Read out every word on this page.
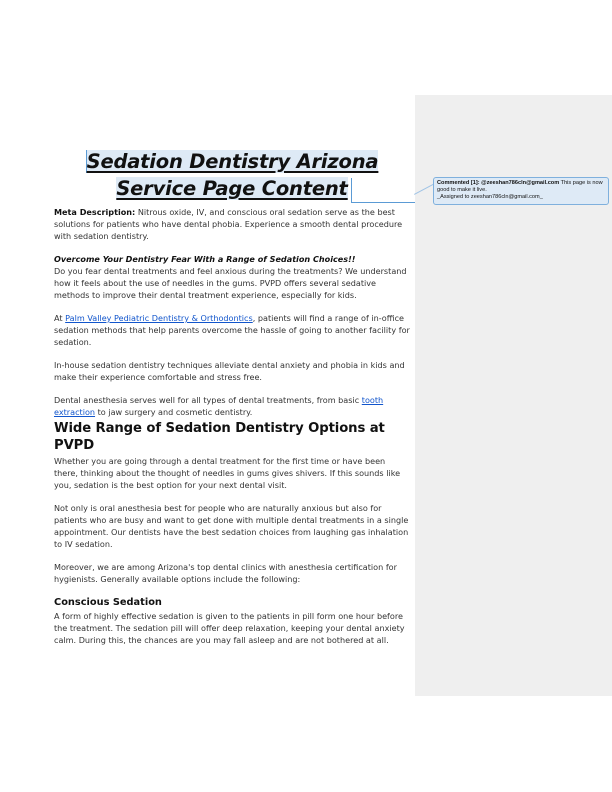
Sedation Dentistry Arizona
Service Page Content

Meta Description: Nitrous oxide, IV, and conscious oral sedation serve as the best solutions for patients who have dental phobia. Experience a smooth dental procedure with sedation dentistry.

Overcome Your Dentistry Fear With a Range of Sedation Choices!!

Do you fear dental treatments and feel anxious during the treatments? We understand how it feels about the use of needles in the gums. PVPD offers several sedative methods to improve their dental treatment experience, especially for kids.

At Palm Valley Pediatric Dentistry & Orthodontics, patients will find a range of in-office sedation methods that help parents overcome the hassle of going to another facility for sedation.

In-house sedation dentistry techniques alleviate dental anxiety and phobia in kids and make their experience comfortable and stress free.

Dental anesthesia serves well for all types of dental treatments, from basic tooth extraction to jaw surgery and cosmetic dentistry.

Wide Range of Sedation Dentistry Options at PVPD

Whether you are going through a dental treatment for the first time or have been there, thinking about the thought of needles in gums gives shivers. If this sounds like you, sedation is the best option for your next dental visit.

Not only is oral anesthesia best for people who are naturally anxious but also for patients who are busy and want to get done with multiple dental treatments in a single appointment. Our dentists have the best sedation choices from laughing gas inhalation to IV sedation.

Moreover, we are among Arizona's top dental clinics with anesthesia certification for hygienists. Generally available options include the following:

Conscious Sedation

A form of highly effective sedation is given to the patients in pill form one hour before the treatment. The sedation pill will offer deep relaxation, keeping your dental anxiety calm. During this, the chances are you may fall asleep and are not bothered at all.

Commented [1]: @zeeshan786cln@gmail.com This page is now good to make it live.
_Assigned to zeeshan786cln@gmail.com_
